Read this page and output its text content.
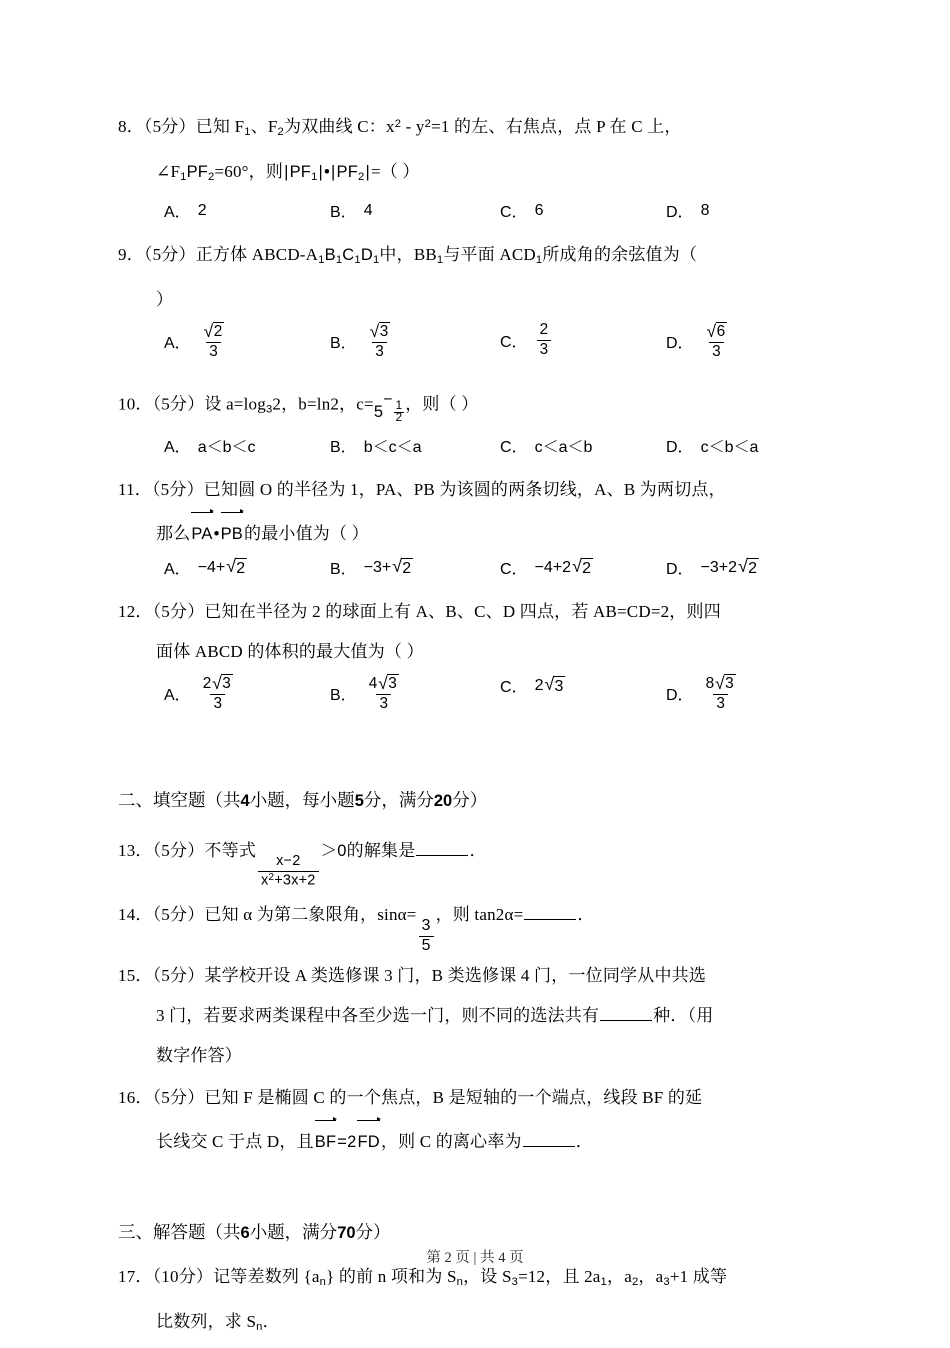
8．（5分）已知 $F_1$、$F_2$为双曲线 C：$x^2 - y^2=1$ 的左、右焦点，点 P 在 C 上，
$\angle F_1PF_2=60^\circ$，则$|PF_1|•|PF_2|=$（ ）
A． 2	B． 4	C． 6	D． 8
9．（5分）正方体 $ABCD‑A_1B_1C_1D_1$中，$BB_1$与平面 $ACD_1$所成角的余弦值为（
）
A． $\frac{√ 2}{3}$	B． $\frac{√ 3}{3}$	C． $\frac{2}{3}$	D． $\frac{√ 6}{3}$
10．（5分）设 $a=\log_32$，b=ln2，c=5−
$\frac{1}{2}$ ，则（ ）
A． a＜b＜c	B． b＜c＜a	C． c＜a＜b	D． c＜b＜a
11．（5分）已知圆 O 的半径为 1，PA、PB 为该圆的两条切线，A、B 为两切点，
那么
PA•
PB的最小值为（ ）
A． −4+ √ 2	B． −3+ √ 2	C． −4+ 2 √ 2	D． −3+ 2 √ 2
12．（5分）已知在半径为 2 的球面上有 A、B、C、D 四点，若 AB=CD=2，则四
面体 ABCD 的体积的最大值为（ ）
A． $\frac{2 √ 3}{3}$	B． $\frac{4 √ 3}{3}$	C． 2 √ 3
D． $\frac{8 √ 3}{3}$
二、填空题（共4小题，每小题5分，满分20分）
13．（5分）不等式
$\frac{x-2}{x^2+3x+2}$
＞0的解集是	．
14．（5分）已知 α 为第二象限角，sinα=
$\frac{3}{5}$
，则 tan2α=	．
15．（5分）某学校开设 A 类选修课 3 门，B 类选修课 4 门，一位同学从中共选
3 门，若要求两类课程中各至少选一门，则不同的选法共有	种．（用
数字作答）
16．（5分）已知 F 是椭圆 C 的一个焦点，B 是短轴的一个端点，线段 BF 的延
长线交 C 于点 D，且
BF=2
FD，则 C 的离心率为	．
三、解答题（共6小题，满分70分）
17．（10分）记等差数列 $\{a_n\}$ 的前 n 项和为 $S_n$，设 $S_3=12$，且 $2a_1$，$a_2$，$a_3+1$ 成等
比数列，求 $S_n$．
第 2 页 | 共 4 页
